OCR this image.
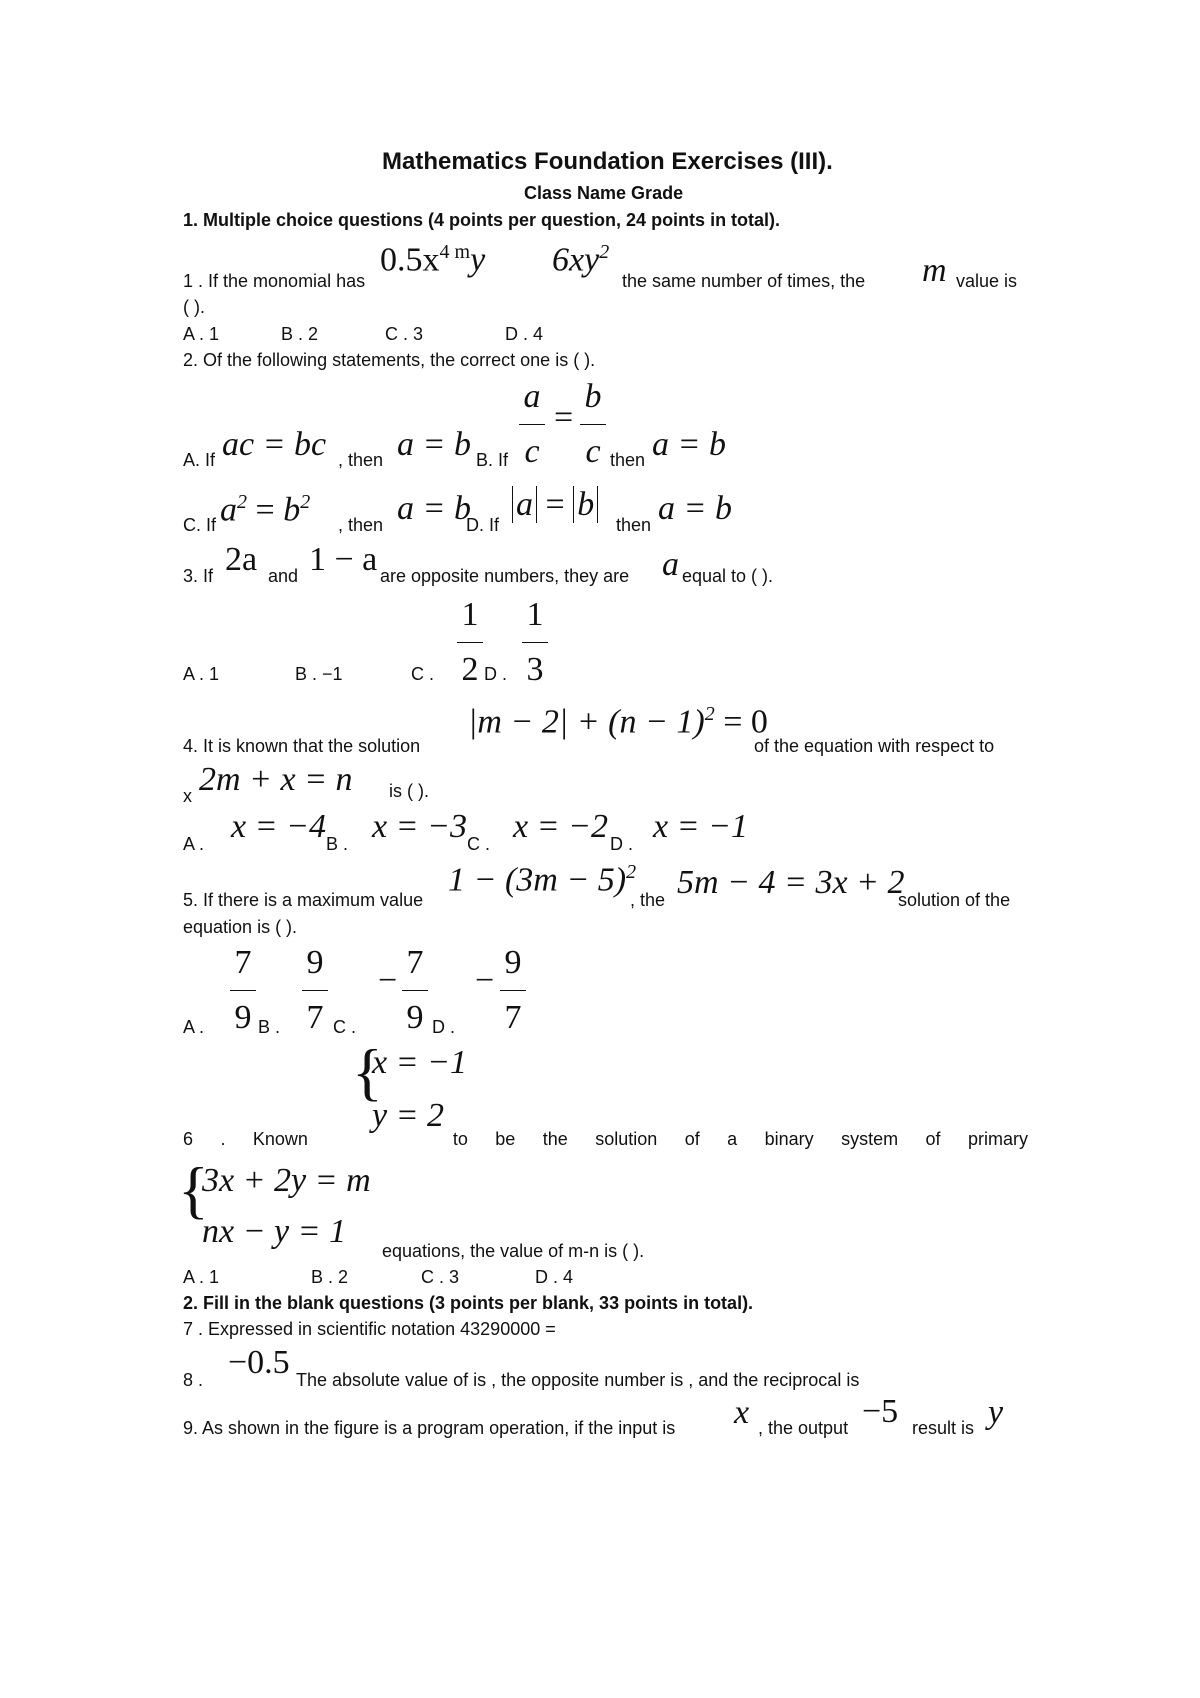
Mathematics Foundation Exercises (III).
Class Name Grade
1. Multiple choice questions (4 points per question, 24 points in total).
1 . If the monomial has
$0.5x^{4 m}y$ $6xy^2$
the same number of times, the m value is
( ).
A . 1	B . 2	C . 3	D . 4
2. Of the following statements, the correct one is ( ).
A. If ac = bc , then a = b B. If
a
c
=
b
c then a = b
C. If $a^2 = b^2$
, then a = b
D. If
a = b
then a = b
3. If 2a and 1 − a are opposite numbers, they are a equal to ( ).
A . 1	B . −1	C .
1
2 D .
1
3
4. It is known that the solution
$|m - 2| + (n - 1)^2 = 0$
of the equation with respect to
x 2m + x = n is ( ).
A . x = −4 B . x = −3 C . x = −2 D . x = −1
5. If there is a maximum value
$1 - (3m - 5)^2$
, the 5m − 4 = 3x + 2
solution of the
equation is ( ).
A .
7
9 B .
9
7 C .
− 7
9 D .
− 9
7
{
x = −1
y = 2
6 . Known	to be the solution of a binary system of primary
{
3x + 2y = m
nx − y = 1
equations, the value of m-n is ( ).
A . 1	B . 2	C . 3	D . 4
2. Fill in the blank questions (3 points per blank, 33 points in total).
7 . Expressed in scientific notation 43290000 =
8 . −0.5 The absolute value of is , the opposite number is , and the reciprocal is
9. As shown in the figure is a program operation, if the input is x , the output −5 result is y
